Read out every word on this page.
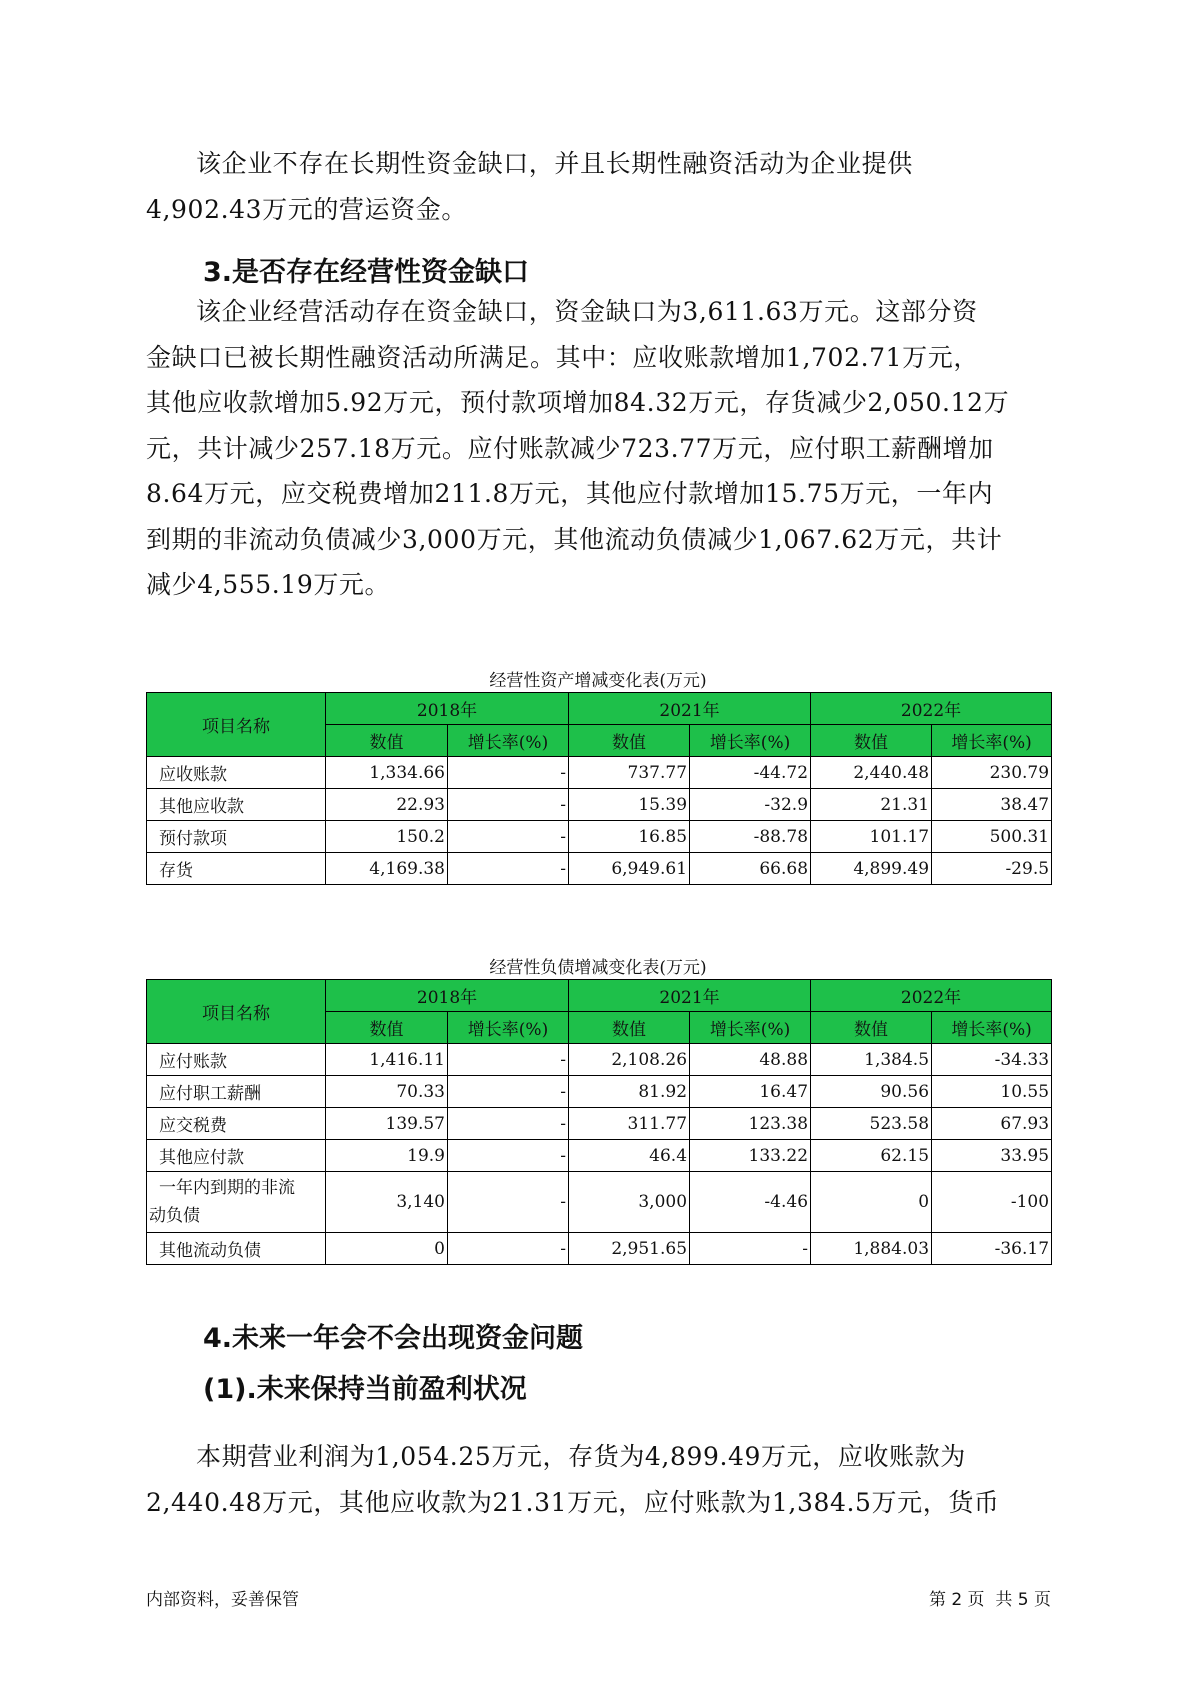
该企业不存在长期性资金缺口，并且长期性融资活动为企业提供
4,902.43万元的营运资金。

3.是否存在经营性资金缺口

该企业经营活动存在资金缺口，资金缺口为3,611.63万元。这部分资
金缺口已被长期性融资活动所满足。其中：应收账款增加1,702.71万元，
其他应收款增加5.92万元，预付款项增加84.32万元，存货减少2,050.12万
元，共计减少257.18万元。应付账款减少723.77万元，应付职工薪酬增加
8.64万元，应交税费增加211.8万元，其他应付款增加15.75万元，一年内
到期的非流动负债减少3,000万元，其他流动负债减少1,067.62万元，共计
减少4,555.19万元。

经营性资产增减变化表(万元)
项目名称	2018年		2021年		2022年	
	数值	增长率(%)	数值	增长率(%)	数值	增长率(%)
应收账款	1,334.66	-	737.77	-44.72	2,440.48	230.79
其他应收款	22.93	-	15.39	-32.9	21.31	38.47
预付款项	150.2	-	16.85	-88.78	101.17	500.31
存货	4,169.38	-	6,949.61	66.68	4,899.49	-29.5
经营性负债增减变化表(万元)
项目名称	2018年		2021年		2022年	
	数值	增长率(%)	数值	增长率(%)	数值	增长率(%)
应付账款	1,416.11	-	2,108.26	48.88	1,384.5	-34.33
应付职工薪酬	70.33	-	81.92	16.47	90.56	10.55
应交税费	139.57	-	311.77	123.38	523.58	67.93
其他应付款	19.9	-	46.4	133.22	62.15	33.95

一年内到期的非流
动负债	3,140	-	3,000	-4.46	0	-100
其他流动负债	0	-	2,951.65	-	1,884.03	-36.17
4.未来一年会不会出现资金问题
(1).未来保持当前盈利状况

本期营业利润为1,054.25万元，存货为4,899.49万元，应收账款为
2,440.48万元，其他应收款为21.31万元，应付账款为1,384.5万元，货币

内部资料，妥善保管	第 2 页  共 5 页
